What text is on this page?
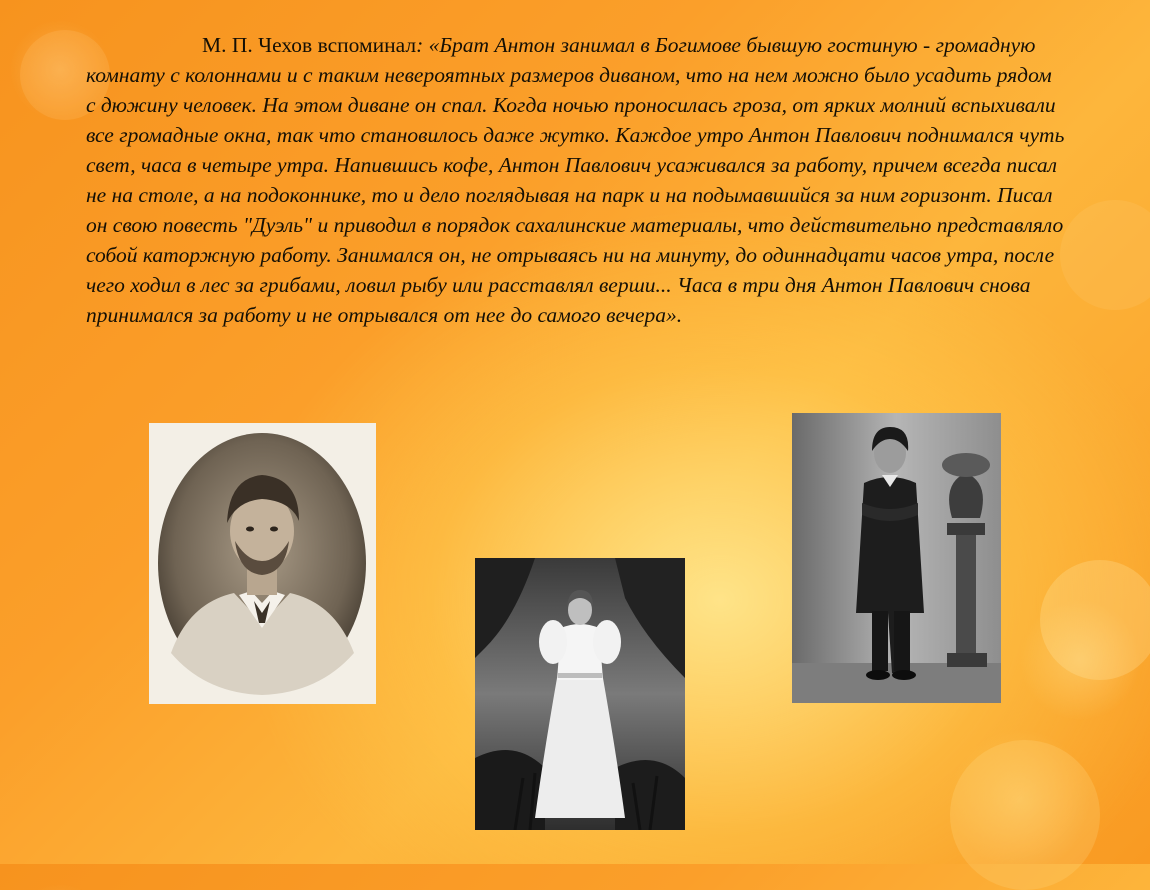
М. П. Чехов вспоминал: «Брат Антон занимал в Богимове бывшую гостиную - громадную комнату с колоннами и с таким невероятных размеров диваном, что на нем можно было усадить рядом с дюжину человек. На этом диване он спал. Когда ночью проносилась гроза, от ярких молний вспыхивали все громадные окна, так что становилось даже жутко. Каждое утро Антон Павлович поднимался чуть свет, часа в четыре утра. Напившись кофе, Антон Павлович усаживался за работу, причем всегда писал не на столе, а на подоконнике, то и дело поглядывая на парк и на подымавшийся за ним горизонт. Писал он свою повесть "Дуэль" и приводил в порядок сахалинские материалы, что действительно представляло собой каторжную работу. Занимался он, не отрываясь ни на минуту, до одиннадцати часов утра, после чего ходил в лес за грибами, ловил рыбу или расставлял верши... Часа в три дня Антон Павлович снова принимался за работу и не отрывался от нее до самого вечера».
